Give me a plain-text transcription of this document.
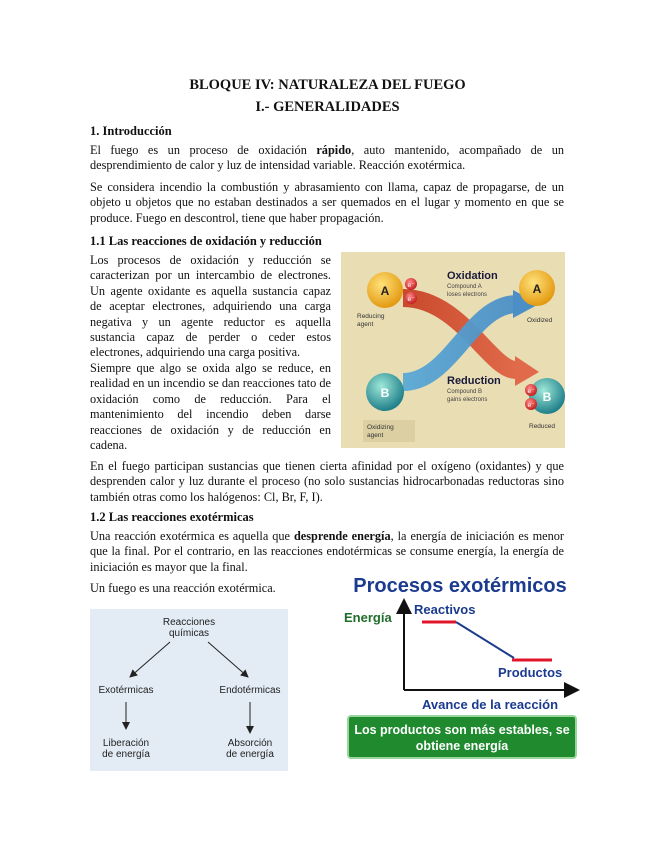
BLOQUE IV: NATURALEZA DEL FUEGO
I.- GENERALIDADES
1. Introducción
El fuego es un proceso de oxidación rápido, auto mantenido, acompañado de un desprendimiento de calor y luz de intensidad variable. Reacción exotérmica.
Se considera incendio la combustión y abrasamiento con llama, capaz de propagarse, de un objeto u objetos que no estaban destinados a ser quemados en el lugar y momento en que se produce. Fuego en descontrol, tiene que haber propagación.
1.1 Las reacciones de oxidación y reducción
Los procesos de oxidación y reducción se caracterizan por un intercambio de electrones. Un agente oxidante es aquella sustancia capaz de aceptar electrones, adquiriendo una carga negativa y un agente reductor es aquella sustancia capaz de perder o ceder estos electrones, adquiriendo una carga positiva.
Siempre que algo se oxida algo se reduce, en realidad en un incendio se dan reacciones tato de oxidación como de reducción. Para el mantenimiento del incendio deben darse reacciones de oxidación y de reducción en cadena.
A	e⁻
e⁻
Reducing
agent
Oxidation
Compound A
loses electrons	A
Oxidized
B
Oxidizing
agent
Reduction
Compound B
gains electrons	B
e⁻
e⁻
Reduced
En el fuego participan sustancias que tienen cierta afinidad por el oxígeno (oxidantes) y que desprenden calor y luz durante el proceso (no solo sustancias hidrocarbonadas reductoras sino también otras como los halógenos: Cl, Br, F, I).
1.2 Las reacciones exotérmicas
Una reacción exotérmica es aquella que desprende energía, la energía de iniciación es menor que la final. Por el contrario, en las reacciones endotérmicas se consume energía, la energía de iniciación es mayor que la final.
Un fuego es una reacción exotérmica.
Reacciones
químicas
Exotérmicas	Endotérmicas
Liberación
de energía
Absorción
de energía
Procesos exotérmicos
Energía
Reactivos
Productos
Avance de la reacción
Los productos son más estables, se
obtiene energía
